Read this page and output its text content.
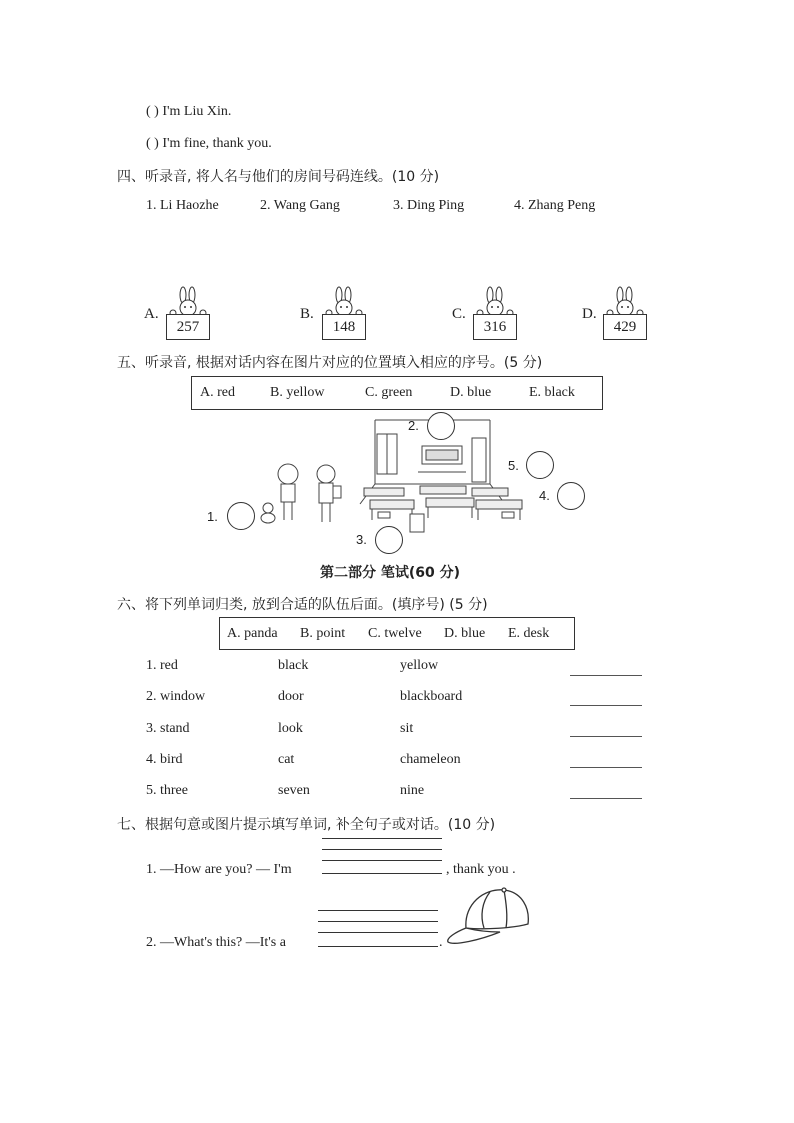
( ) I'm Liu Xin.
( ) I'm fine, thank you.
四、听录音, 将人名与他们的房间号码连线。(10 分)
1. Li Haozhe	2. Wang Gang	3. Ding Ping	4. Zhang Peng
A.
257
B.
148
C.
316
D.
429
五、听录音, 根据对话内容在图片对应的位置填入相应的序号。(5 分)
A. red	B. yellow	C. green	D. blue	E. black
1.
2.
3.
4.
5.
第二部分 笔试(60 分)
六、将下列单词归类, 放到合适的队伍后面。(填序号) (5 分)
A. panda B. point C. twelve D. blue E. desk
1. red	black	yellow
2. window	door	blackboard
3. stand	look	sit
4. bird	cat	chameleon
5. three	seven	nine
七、根据句意或图片提示填写单词, 补全句子或对话。(10 分)
1. —How are you? — I'm	, thank you .
2. —What's this? —It's a	.
